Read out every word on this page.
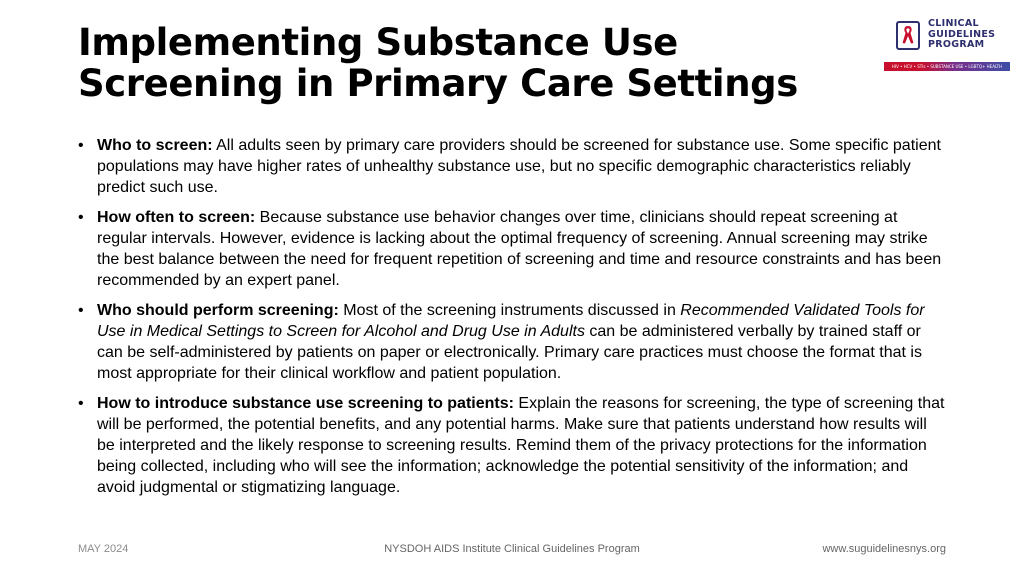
Implementing Substance Use Screening in Primary Care Settings
CLINICAL
GUIDELINES
PROGRAM
HIV • HCV • STIs • SUBSTANCE USE • LGBTQ+ HEALTH
• Who to screen: All adults seen by primary care providers should be screened for substance use. Some specific patient populations may have higher rates of unhealthy substance use, but no specific demographic characteristics reliably predict such use.
• How often to screen: Because substance use behavior changes over time, clinicians should repeat screening at regular intervals. However, evidence is lacking about the optimal frequency of screening. Annual screening may strike the best balance between the need for frequent repetition of screening and time and resource constraints and has been recommended by an expert panel.
• Who should perform screening: Most of the screening instruments discussed in Recommended Validated Tools for Use in Medical Settings to Screen for Alcohol and Drug Use in Adults can be administered verbally by trained staff or can be self-administered by patients on paper or electronically. Primary care practices must choose the format that is most appropriate for their clinical workflow and patient population.
• How to introduce substance use screening to patients: Explain the reasons for screening, the type of screening that will be performed, the potential benefits, and any potential harms. Make sure that patients understand how results will be interpreted and the likely response to screening results. Remind them of the privacy protections for the information being collected, including who will see the information; acknowledge the potential sensitivity of the information; and avoid judgmental or stigmatizing language.
MAY 2024	NYSDOH AIDS Institute Clinical Guidelines Program	www.suguidelinesnys.org
